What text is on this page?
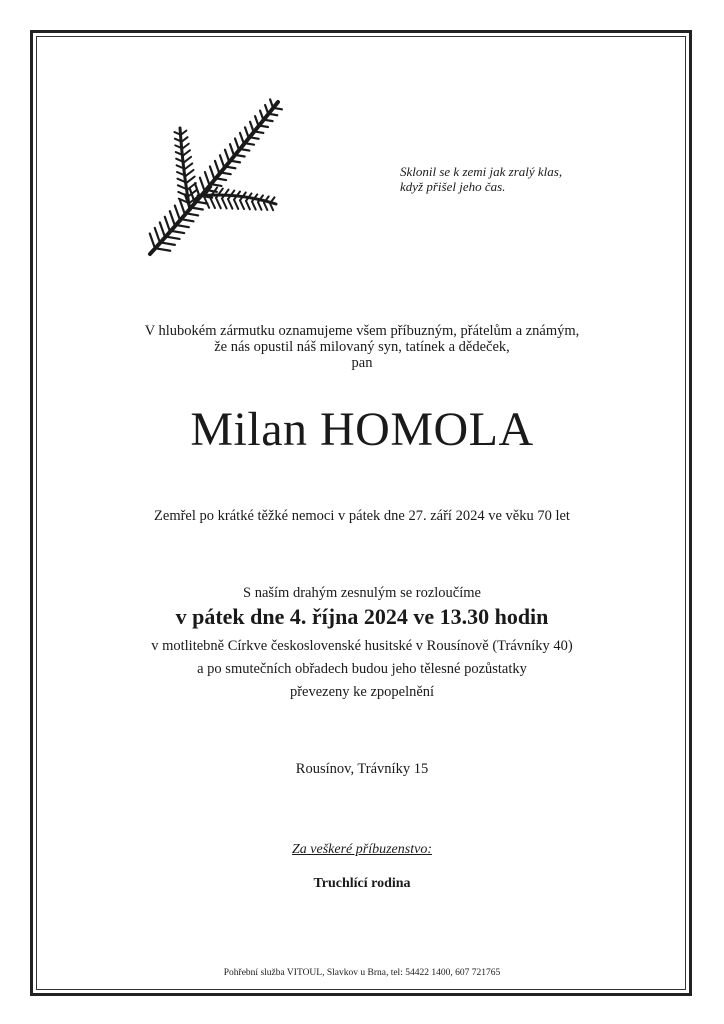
Sklonil se k zemi jak zralý klas,
když přišel jeho čas.
V hlubokém zármutku oznamujeme všem příbuzným, přátelům a známým,
že nás opustil náš milovaný syn, tatínek a dědeček,
pan
Milan HOMOLA
Zemřel po krátké těžké nemoci v pátek dne 27. září 2024 ve věku 70 let
S naším drahým zesnulým se rozloučíme
v pátek dne 4. října 2024 ve 13.30 hodin
v motlitebně Církve československé husitské v Rousínově (Trávníky 40)
a po smutečních obřadech budou jeho tělesné pozůstatky
převezeny ke zpopelnění
Rousínov, Trávníky 15
Za veškeré příbuzenstvo:
Truchlící rodina
Pohřební služba VITOUL, Slavkov u Brna, tel: 54422 1400, 607 721765
